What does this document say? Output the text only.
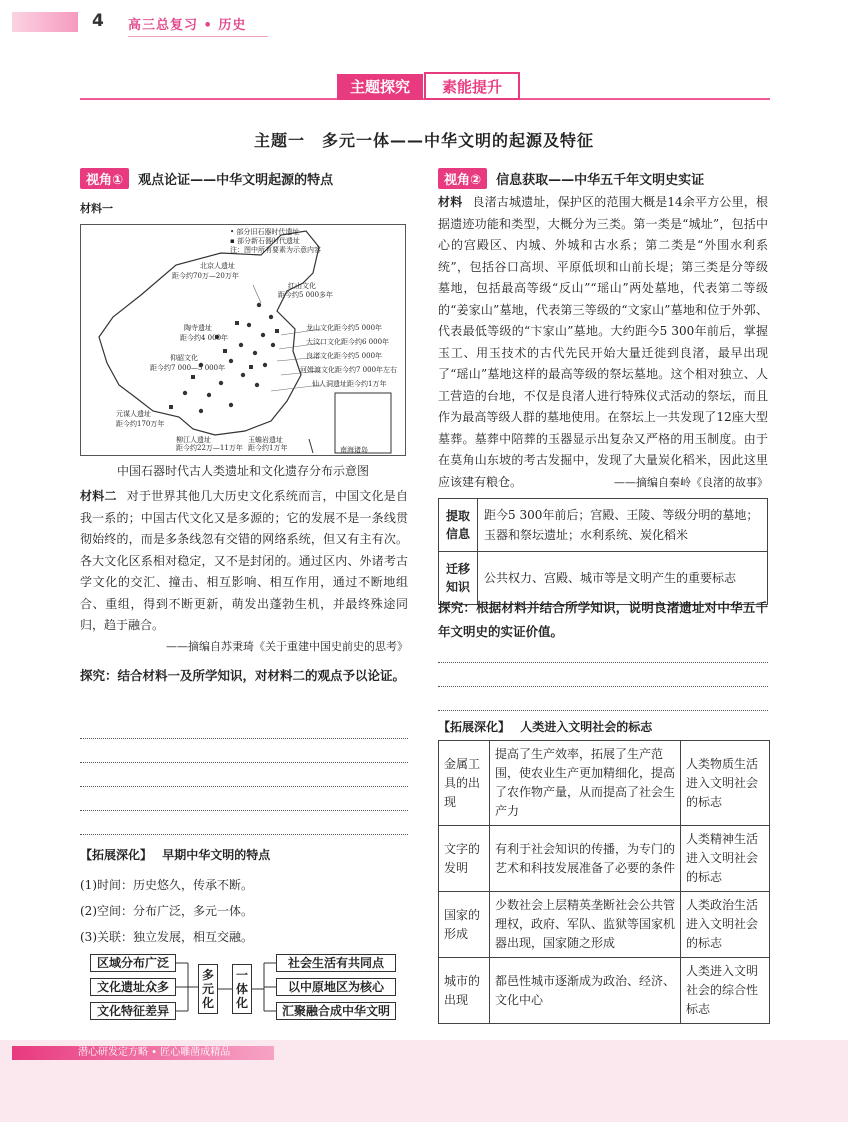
4 高三总复习 • 历史
主题探究	素能提升
主题一　多元一体——中华文明的起源及特征
视角① 观点论证——中华文明起源的特点
材料一
• 部分旧石器时代遗址
▪ 部分新石器时代遗址
注：图中所有要素为示意内容
北京人遗址
距今约70万—20万年
红山文化
距今约5 000多年
龙山文化距今约5 000年
大汶口文化距今约6 000年
良渚文化距今约5 000年
河姆渡文化距今约7 000年左右
仙人洞遗址距今约1万年
陶寺遗址
距今约4 000年
仰韶文化
距今约7 000—5 000年
元谋人遗址
距今约170万年
柳江人遗址
距今约22万—11万年
玉蟾岩遗址
距今约1万年	南海诸岛
中国石器时代古人类遗址和文化遗存分布示意图
材料二 对于世界其他几大历史文化系统而言，中国文化是自我一系的；中国古代文化又是多源的；它的发展不是一条线贯彻始终的，而是多条线忽有交错的网络系统，但又有主有次。各大文化区系相对稳定，又不是封闭的。通过区内、外诸考古学文化的交汇、撞击、相互影响、相互作用，通过不断地组合、重组，得到不断更新，萌发出蓬勃生机，并最终殊途同归，趋于融合。
——摘编自苏秉琦《关于重建中国史前史的思考》
探究：结合材料一及所学知识，对材料二的观点予以论证。
【拓展深化】 早期中华文明的特点
(1)时间：历史悠久，传承不断。
(2)空间：分布广泛，多元一体。
(3)关联：独立发展，相互交融。
区域分布广泛
文化遗址众多
文化特征差异
多元化
一体化
社会生活有共同点
以中原地区为核心
汇聚融合成中华文明
视角② 信息获取——中华五千年文明史实证
材料 良渚古城遗址，保护区的范围大概是14余平方公里，根据遗迹功能和类型，大概分为三类。第一类是“城址”，包括中心的宫殿区、内城、外城和古水系；第二类是“外围水利系统”，包括谷口高坝、平原低坝和山前长堤；第三类是分等级墓地，包括最高等级“反山”“瑶山”两处墓地，代表第二等级的“姜家山”墓地，代表第三等级的“文家山”墓地和位于外郭、代表最低等级的“卞家山”墓地。大约距今5 300年前后，掌握玉工、用玉技术的古代先民开始大量迁徙到良渚，最早出现了“瑶山”墓地这样的最高等级的祭坛墓地。这个相对独立、人工营造的台地，不仅是良渚人进行特殊仪式活动的祭坛，而且作为最高等级人群的墓地使用。在祭坛上一共发现了12座大型墓葬。墓葬中陪葬的玉器显示出复杂又严格的用玉制度。由于在莫角山东坡的考古发掘中，发现了大量炭化稻米，因此这里应该建有粮仓。	——摘编自秦岭《良渚的故事》
提取信息	距今5 300年前后；宫殿、王陵、等级分明的墓地；玉器和祭坛遗址；水利系统、炭化稻米
迁移知识	公共权力、宫殿、城市等是文明产生的重要标志
探究：根据材料并结合所学知识，说明良渚遗址对中华五千年文明史的实证价值。
【拓展深化】 人类进入文明社会的标志
金属工具的出现	提高了生产效率，拓展了生产范围，使农业生产更加精细化，提高了农作物产量，从而提高了社会生产力	人类物质生活进入文明社会的标志
文字的发明	有利于社会知识的传播，为专门的艺术和科技发展准备了必要的条件	人类精神生活进入文明社会的标志
国家的形成	少数社会上层精英垄断社会公共管理权，政府、军队、监狱等国家机器出现，国家随之形成	人类政治生活进入文明社会的标志
城市的出现	都邑性城市逐渐成为政治、经济、文化中心	人类进入文明社会的综合性标志
潜心研发定方略 • 匠心雕凿成精品
